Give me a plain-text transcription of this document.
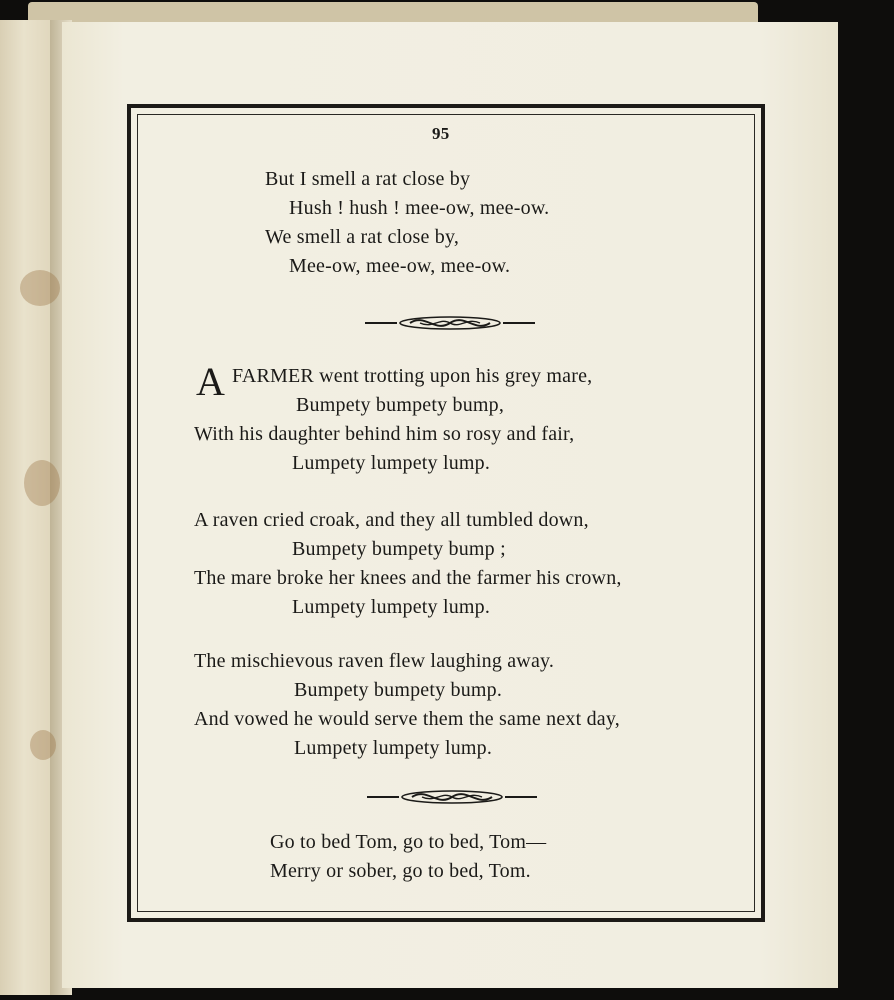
95
But I smell a rat close by
Hush ! hush ! mee-ow, mee-ow.
We smell a rat close by,
Mee-ow, mee-ow, mee-ow.
A FARMER went trotting upon his grey mare,
Bumpety bumpety bump,
With his daughter behind him so rosy and fair,
Lumpety lumpety lump.
A raven cried croak, and they all tumbled down,
Bumpety bumpety bump ;
The mare broke her knees and the farmer his crown,
Lumpety lumpety lump.
The mischievous raven flew laughing away.
Bumpety bumpety bump.
And vowed he would serve them the same next day,
Lumpety lumpety lump.
Go to bed Tom, go to bed, Tom—
Merry or sober, go to bed, Tom.
